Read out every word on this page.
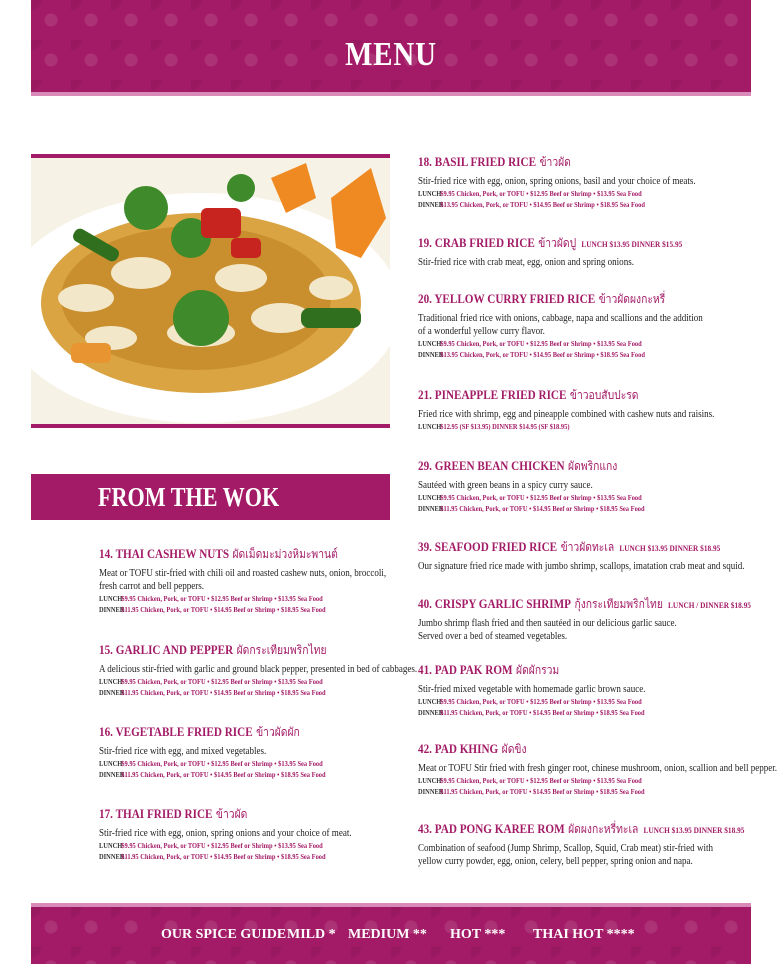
MENU
FROM THE WOK
14. THAI CASHEW NUTS ผัดเม็ดมะม่วงหิมะพานต์
Meat or TOFU stir-fried with chili oil and roasted cashew nuts, onion, broccoli,
fresh carrot and bell peppers.
LUNCH $9.95 Chicken, Pork, or TOFU • $12.95 Beef or Shrimp • $13.95 Sea Food
DINNER $11.95 Chicken, Pork, or TOFU • $14.95 Beef or Shrimp • $18.95 Sea Food
15. GARLIC AND PEPPER ผัดกระเทียมพริกไทย
A delicious stir-fried with garlic and ground black pepper, presented in bed of cabbages.
LUNCH $9.95 Chicken, Pork, or TOFU • $12.95 Beef or Shrimp • $13.95 Sea Food
DINNER $11.95 Chicken, Pork, or TOFU • $14.95 Beef or Shrimp • $18.95 Sea Food
16. VEGETABLE FRIED RICE ข้าวผัดผัก
Stir-fried rice with egg, and mixed vegetables.
LUNCH $9.95 Chicken, Pork, or TOFU • $12.95 Beef or Shrimp • $13.95 Sea Food
DINNER $11.95 Chicken, Pork, or TOFU • $14.95 Beef or Shrimp • $18.95 Sea Food
17. THAI FRIED RICE ข้าวผัด
Stir-fried rice with egg, onion, spring onions and your choice of meat.
LUNCH $9.95 Chicken, Pork, or TOFU • $12.95 Beef or Shrimp • $13.95 Sea Food
DINNER $11.95 Chicken, Pork, or TOFU • $14.95 Beef or Shrimp • $18.95 Sea Food
18. BASIL FRIED RICE ข้าวผัด
Stir-fried rice with egg, onion, spring onions, basil and your choice of meats.
LUNCH $9.95 Chicken, Pork, or TOFU • $12.95 Beef or Shrimp • $13.95 Sea Food
DINNER $13.95 Chicken, Pork, or TOFU • $14.95 Beef or Shrimp • $18.95 Sea Food
19. CRAB FRIED RICE ข้าวผัดปู LUNCH $13.95 DINNER $15.95
Stir-fried rice with crab meat, egg, onion and spring onions.
20. YELLOW CURRY FRIED RICE ข้าวผัดผงกะหรี่
Traditional fried rice with onions, cabbage, napa and scallions and the addition
of a wonderful yellow curry flavor.
LUNCH $9.95 Chicken, Pork, or TOFU • $12.95 Beef or Shrimp • $13.95 Sea Food
DINNER $13.95 Chicken, Pork, or TOFU • $14.95 Beef or Shrimp • $18.95 Sea Food
21. PINEAPPLE FRIED RICE ข้าวอบสับปะรด
Fried rice with shrimp, egg and pineapple combined with cashew nuts and raisins.
LUNCH $12.95 (SF $13.95) DINNER $14.95 (SF $18.95)
29. GREEN BEAN CHICKEN ผัดพริกแกง
Sautéed with green beans in a spicy curry sauce.
LUNCH $9.95 Chicken, Pork, or TOFU • $12.95 Beef or Shrimp • $13.95 Sea Food
DINNER $11.95 Chicken, Pork, or TOFU • $14.95 Beef or Shrimp • $18.95 Sea Food
39. SEAFOOD FRIED RICE ข้าวผัดทะเล LUNCH $13.95 DINNER $18.95
Our signature fried rice made with jumbo shrimp, scallops, imatation crab meat and squid.
40. CRISPY GARLIC SHRIMP กุ้งกระเทียมพริกไทย LUNCH / DINNER $18.95
Jumbo shrimp flash fried and then sautéed in our delicious garlic sauce.
Served over a bed of steamed vegetables.
41. PAD PAK ROM ผัดผักรวม
Stir-fried mixed vegetable with homemade garlic brown sauce.
LUNCH $9.95 Chicken, Pork, or TOFU • $12.95 Beef or Shrimp • $13.95 Sea Food
DINNER $11.95 Chicken, Pork, or TOFU • $14.95 Beef or Shrimp • $18.95 Sea Food
42. PAD KHING ผัดขิง
Meat or TOFU Stir fried with fresh ginger root, chinese mushroom, onion, scallion and bell pepper.
LUNCH $9.95 Chicken, Pork, or TOFU • $12.95 Beef or Shrimp • $13.95 Sea Food
DINNER $11.95 Chicken, Pork, or TOFU • $14.95 Beef or Shrimp • $18.95 Sea Food
43. PAD PONG KAREE ROM ผัดผงกะหรี่ทะเล LUNCH $13.95 DINNER $18.95
Combination of seafood (Jump Shrimp, Scallop, Squid, Crab meat) stir-fried with
yellow curry powder, egg, onion, celery, bell pepper, spring onion and napa.
OUR SPICE GUIDE MILD * MEDIUM ** HOT *** THAI HOT ****
